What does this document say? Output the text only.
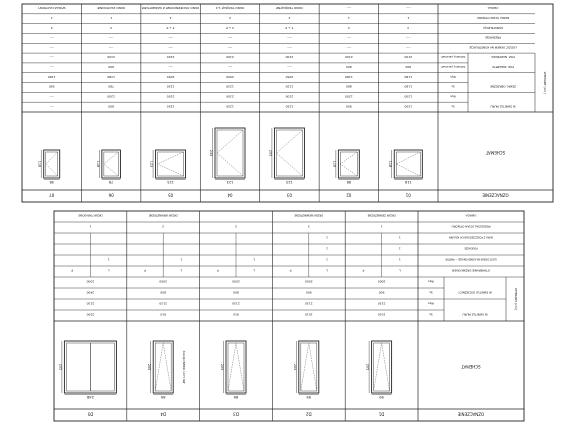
OZNACZENIE
SCHEMAT
WYMIARY [cm]
01
02
03
04
05
06
07
W ŚWIETLE MURU
Sz
1200
900
1250
1250
1250
800
----
Wys
1200
1200
2100
2100
2100
1200
----
ZEWN. OBRZEŻNE
Sz
1180
880
1230
1230
1230
780
580
Wys
1180
1180
2050
2050
2050
1180
1180
POZ. PARAPETU
Aktualny parametr
900
900
----
----
----
900
----
POZ. NADPROŻA
Aktualny parametr
2100
2100
2100
2100
2100
2100
----
ŁODZIĆ OKNEM NA KONSTRUKCJE
----
----
----
----
----
----
----
PRZEKROJE
----
----
----
----
----
----
----
KONSTRUKCJA
3
2
3 + P
3 + P
3 + P
2
3
PAZDA ŚCIAN OTWORU
1
1
2
2
2
1
1
UWAGA
----
----
OKNO TRÓJKĄTNE
OKNO TRÓJKĄT 1,2
OKNO OŚCIEŻNICOWE Z NAŚWIETLEM
OKNO ZACHODNIE
WYRAZ DACHOWY
118
118
88
118
123
205
123
235
123
123
78
118
58
118
OZNACZENIE
SCHEMAT
WYMIARY [cm]
D1
D2
D3
D4
D5
W ŚWIETLE MURU
Sz
1010
1010
910
910
2500
Wys
2130
2130
2130
2130
2130
W ŚWIETLE OŚCIEŻNICY
Sz
900
900
800
800
2400
Wys
2000
2000
2000
2000
2000
OTWIERANIE DRZWI/OKIEN
L
P
L
P
L
P
L
P
L
P
ILOŚĆ DRZWI NA KONDYGNACJĘ — PARTER
1
1
1
1
1
PODDASZE
1
1
SUMA Z POSZCZEGÓLNYCH KOLUMN
1
1
PRZEDZIAŁ ŚCIAN OTWORU
1
2
2
2
1
UWAGA
DRZWI ZEWNĘTRZNE
DRZWI WEWNĘTRZNE
DRZWI WEWNĘTRZNE
DRZWI TARASOWE
99
205
99
205
89
205
89
205	ŻALUZJA WEWN. 120°C NW
248
205
